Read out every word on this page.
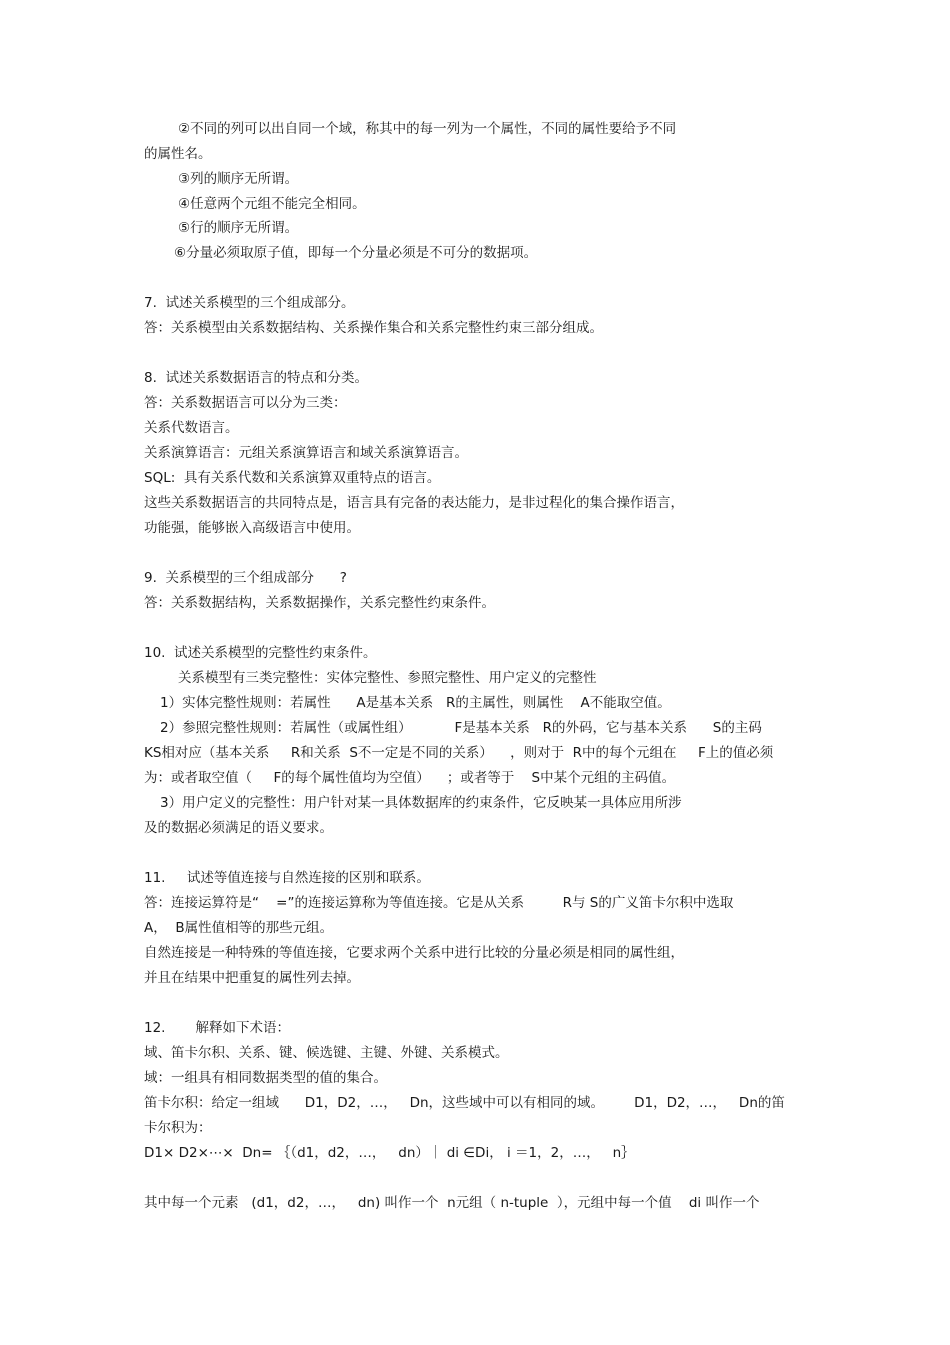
②不同的列可以出自同一个域，称其中的每一列为一个属性，不同的属性要给予不同
的属性名。
③列的顺序无所谓。
④任意两个元组不能完全相同。
⑤行的顺序无所谓。
⑥分量必须取原子值，即每一个分量必须是不可分的数据项。
7.  试述关系模型的三个组成部分。
答：关系模型由关系数据结构、关系操作集合和关系完整性约束三部分组成。
8.  试述关系数据语言的特点和分类。
答：关系数据语言可以分为三类：
关系代数语言。
关系演算语言：元组关系演算语言和域关系演算语言。
SQL:  具有关系代数和关系演算双重特点的语言。
这些关系数据语言的共同特点是，语言具有完备的表达能力，是非过程化的集合操作语言，
功能强，能够嵌入高级语言中使用。
9.  关系模型的三个组成部分      ?
答：关系数据结构，关系数据操作，关系完整性约束条件。
10.  试述关系模型的完整性约束条件。
关系模型有三类完整性：实体完整性、参照完整性、用户定义的完整性
1）实体完整性规则：若属性      A是基本关系   R的主属性，则属性    A不能取空值。
2）参照完整性规则：若属性（或属性组）          F是基本关系   R的外码，它与基本关系      S的主码
KS相对应（基本关系     R和关系  S不一定是不同的关系）    ，则对于  R中的每个元组在     F上的值必须
为：或者取空值（     F的每个属性值均为空值）    ；或者等于    S中某个元组的主码值。
3）用户定义的完整性：用户针对某一具体数据库的约束条件，它反映某一具体应用所涉
及的数据必须满足的语义要求。
11.     试述等值连接与自然连接的区别和联系。
答：连接运算符是“    =”的连接运算称为等值连接。它是从关系         R与 S的广义笛卡尔积中选取
A，  B属性值相等的那些元组。
自然连接是一种特殊的等值连接，它要求两个关系中进行比较的分量必须是相同的属性组，
并且在结果中把重复的属性列去掉。
12.       解释如下术语：
域、笛卡尔积、关系、键、候选键、主键、外键、关系模式。
域：一组具有相同数据类型的值的集合。
笛卡尔积：给定一组域      D1，D2，…，   Dn，这些域中可以有相同的域。       D1，D2，…，   Dn的笛
卡尔积为：
D1× D2×⋯×  Dn= ｛（d1，d2，…，   dn）｜ di ∈Di， i ＝1，2，…，   n｝
其中每一个元素   (d1，d2，…，   dn) 叫作一个  n元组（ n-tuple  ），元组中每一个值    di 叫作一个
